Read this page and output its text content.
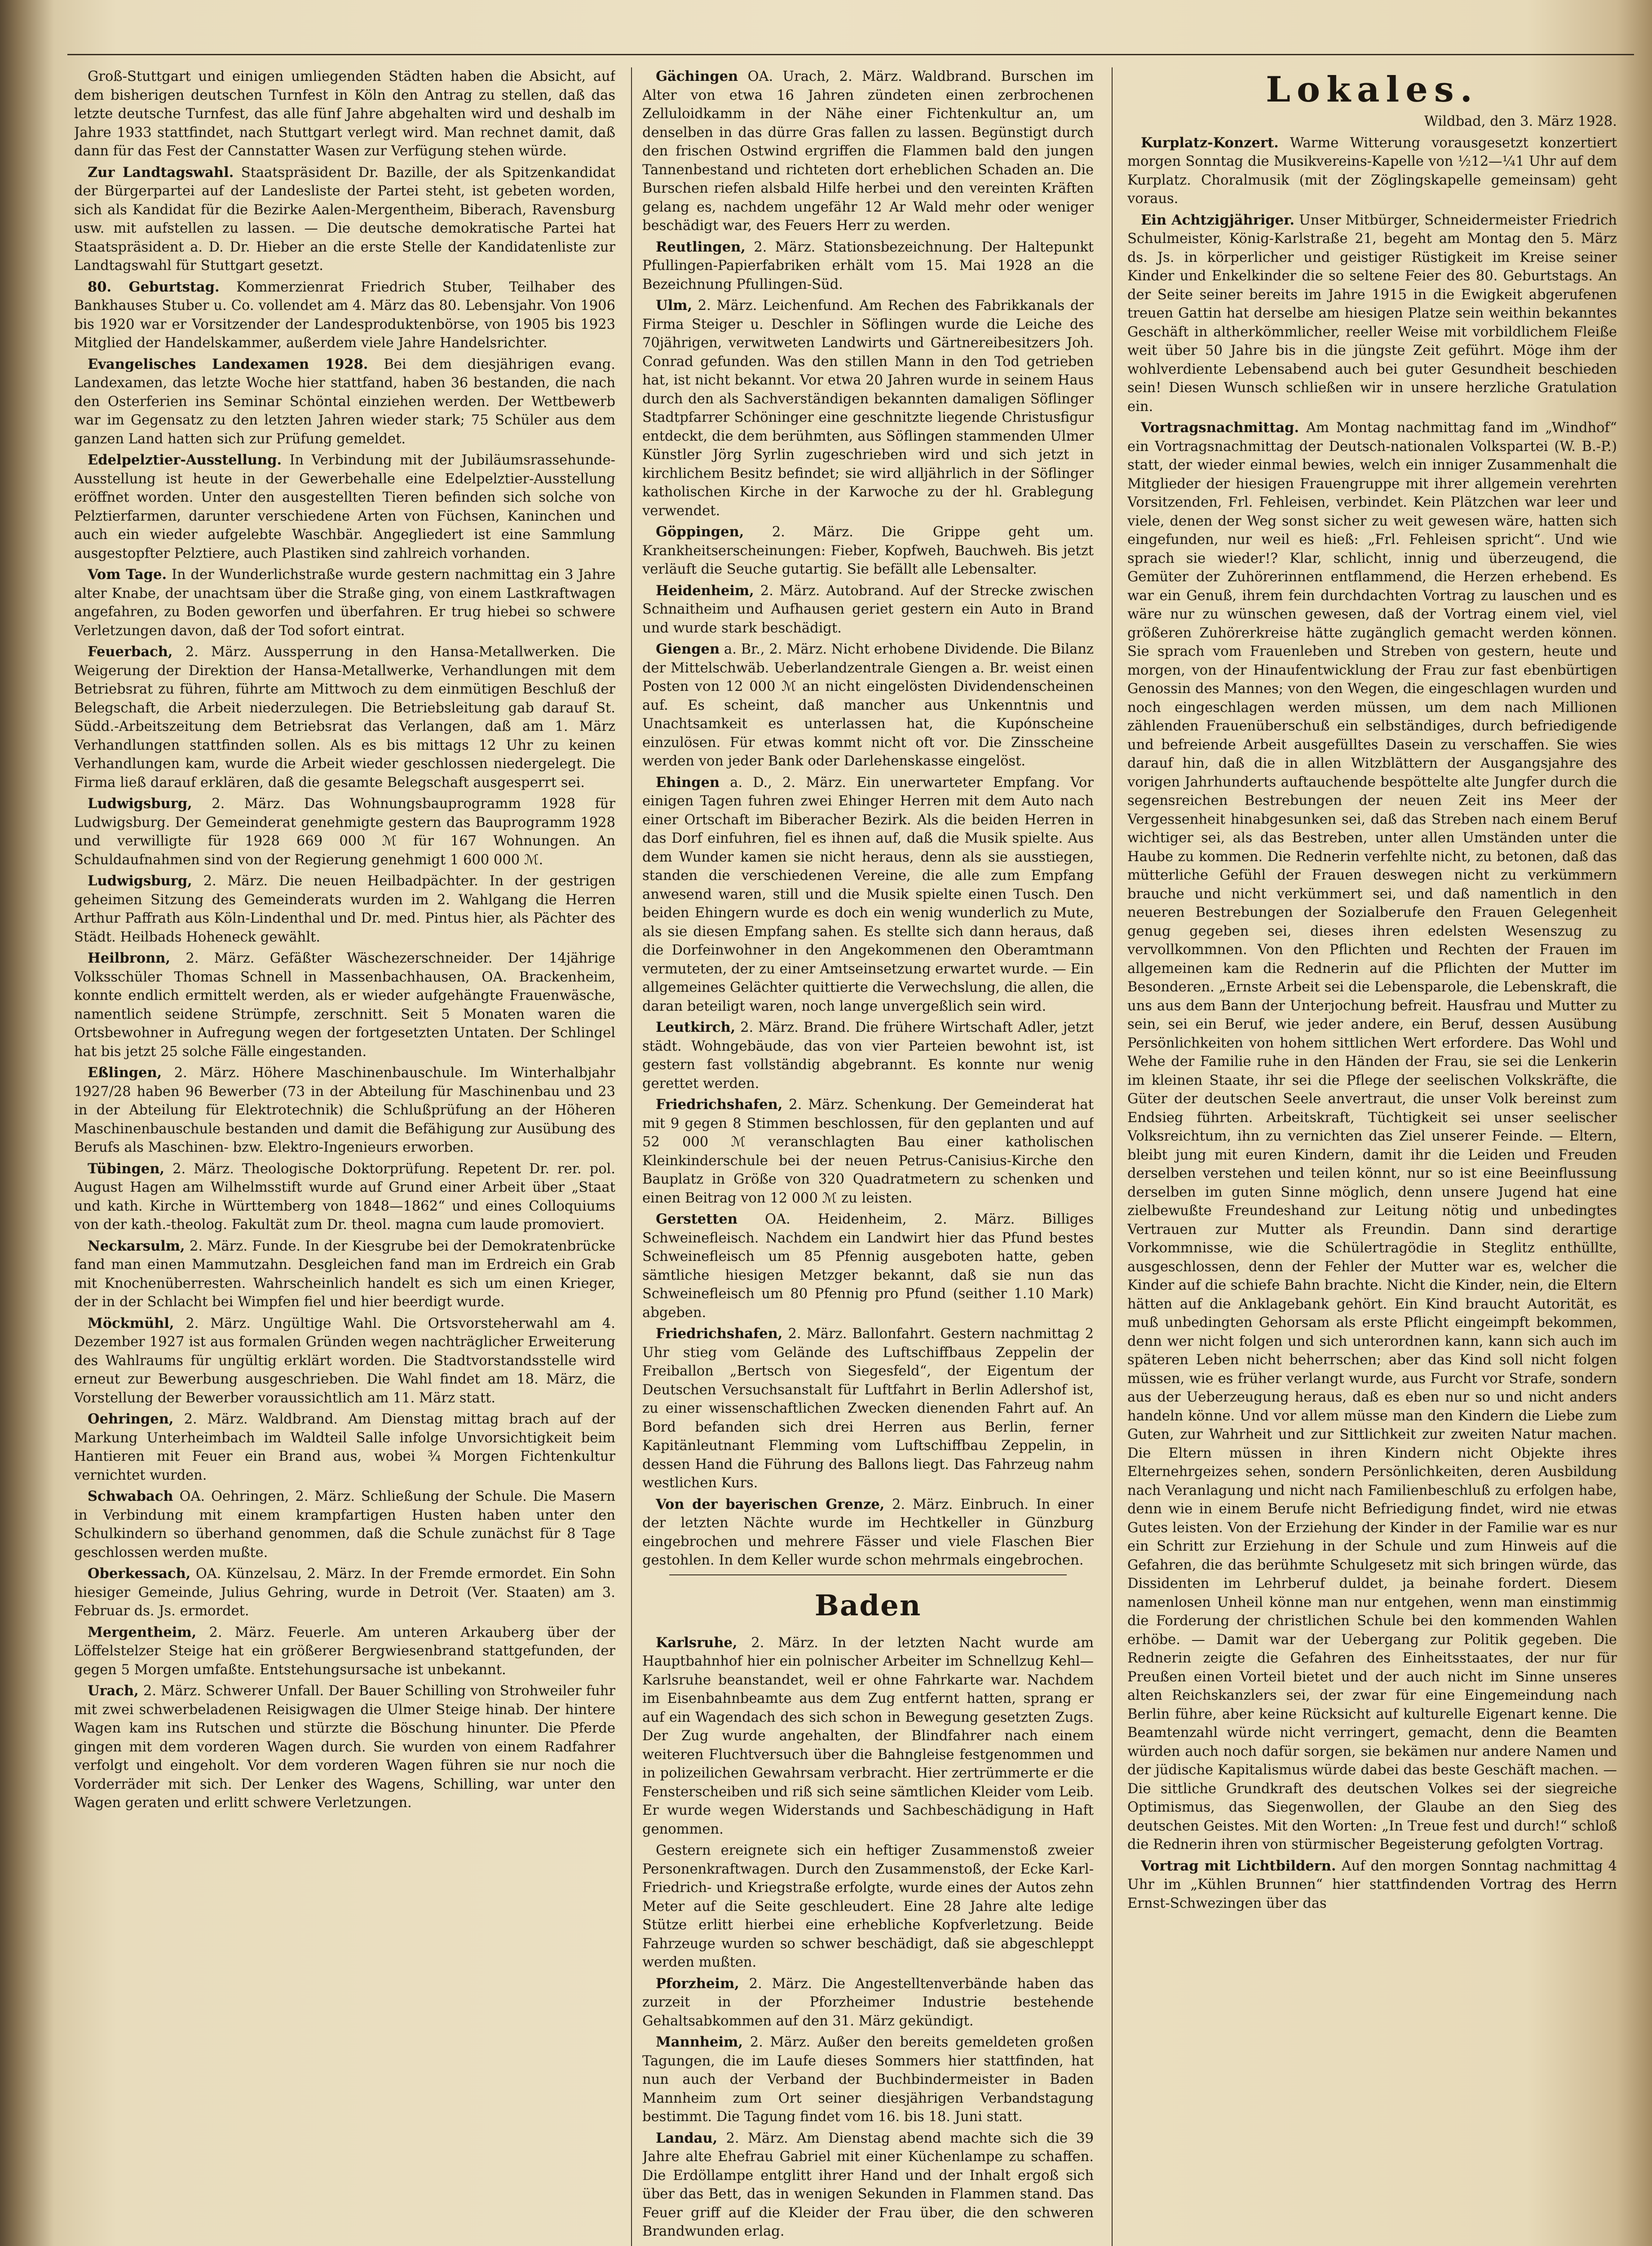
Groß-Stuttgart und einigen umliegenden Städten haben die Absicht, auf dem bisherigen deutschen Turnfest in Köln den Antrag zu stellen, daß das letzte deutsche Turnfest, das alle fünf Jahre abgehalten wird und deshalb im Jahre 1933 stattfindet, nach Stuttgart verlegt wird. Man rechnet damit, daß dann für das Fest der Cannstatter Wasen zur Verfügung stehen würde.

Zur Landtagswahl. Staatspräsident Dr. Bazille, der als Spitzenkandidat der Bürgerpartei auf der Landesliste der Partei steht, ist gebeten worden, sich als Kandidat für die Bezirke Aalen-Mergentheim, Biberach, Ravensburg usw. mit aufstellen zu lassen. — Die deutsche demokratische Partei hat Staatspräsident a. D. Dr. Hieber an die erste Stelle der Kandidatenliste zur Landtagswahl für Stuttgart gesetzt.

80. Geburtstag. Kommerzienrat Friedrich Stuber, Teilhaber des Bankhauses Stuber u. Co. vollendet am 4. März das 80. Lebensjahr. Von 1906 bis 1920 war er Vorsitzender der Landesproduktenbörse, von 1905 bis 1923 Mitglied der Handelskammer, außerdem viele Jahre Handelsrichter.

Evangelisches Landexamen 1928. Bei dem diesjährigen evang. Landexamen, das letzte Woche hier stattfand, haben 36 bestanden, die nach den Osterferien ins Seminar Schöntal einziehen werden. Der Wettbewerb war im Gegensatz zu den letzten Jahren wieder stark; 75 Schüler aus dem ganzen Land hatten sich zur Prüfung gemeldet.

Edelpelztier-Ausstellung. In Verbindung mit der Jubiläumsrassehunde-Ausstellung ist heute in der Gewerbehalle eine Edelpelztier-Ausstellung eröffnet worden. Unter den ausgestellten Tieren befinden sich solche von Pelztierfarmen, darunter verschiedene Arten von Füchsen, Kaninchen und auch ein wieder aufgelebte Waschbär. Angegliedert ist eine Sammlung ausgestopfter Pelztiere, auch Plastiken sind zahlreich vorhanden.

Vom Tage. In der Wunderlichstraße wurde gestern nachmittag ein 3 Jahre alter Knabe, der unachtsam über die Straße ging, von einem Lastkraftwagen angefahren, zu Boden geworfen und überfahren. Er trug hiebei so schwere Verletzungen davon, daß der Tod sofort eintrat.

Feuerbach, 2. März. Aussperrung in den Hansa-Metallwerken. Die Weigerung der Direktion der Hansa-Metallwerke, Verhandlungen mit dem Betriebsrat zu führen, führte am Mittwoch zu dem einmütigen Beschluß der Belegschaft, die Arbeit niederzulegen. Die Betriebsleitung gab darauf St. Südd.-Arbeitszeitung dem Betriebsrat das Verlangen, daß am 1. März Verhandlungen stattfinden sollen. Als es bis mittags 12 Uhr zu keinen Verhandlungen kam, wurde die Arbeit wieder geschlossen niedergelegt. Die Firma ließ darauf erklären, daß die gesamte Belegschaft ausgesperrt sei.

Ludwigsburg, 2. März. Das Wohnungsbauprogramm 1928 für Ludwigsburg. Der Gemeinderat genehmigte gestern das Bauprogramm 1928 und verwilligte für 1928 669 000 ℳ für 167 Wohnungen. An Schuldaufnahmen sind von der Regierung genehmigt 1 600 000 ℳ.

Ludwigsburg, 2. März. Die neuen Heilbadpächter. In der gestrigen geheimen Sitzung des Gemeinderats wurden im 2. Wahlgang die Herren Arthur Paffrath aus Köln-Lindenthal und Dr. med. Pintus hier, als Pächter des Städt. Heilbads Hoheneck gewählt.

Heilbronn, 2. März. Gefäßter Wäschezerschneider. Der 14jährige Volksschüler Thomas Schnell in Massenbachhausen, OA. Brackenheim, konnte endlich ermittelt werden, als er wieder aufgehängte Frauenwäsche, namentlich seidene Strümpfe, zerschnitt. Seit 5 Monaten waren die Ortsbewohner in Aufregung wegen der fortgesetzten Untaten. Der Schlingel hat bis jetzt 25 solche Fälle eingestanden.

Eßlingen, 2. März. Höhere Maschinenbauschule. Im Winterhalbjahr 1927/28 haben 96 Bewerber (73 in der Abteilung für Maschinenbau und 23 in der Abteilung für Elektrotechnik) die Schlußprüfung an der Höheren Maschinenbauschule bestanden und damit die Befähigung zur Ausübung des Berufs als Maschinen- bzw. Elektro-Ingenieurs erworben.

Tübingen, 2. März. Theologische Doktorprüfung. Repetent Dr. rer. pol. August Hagen am Wilhelmsstift wurde auf Grund einer Arbeit über „Staat und kath. Kirche in Württemberg von 1848—1862“ und eines Colloquiums von der kath.-theolog. Fakultät zum Dr. theol. magna cum laude promoviert.

Neckarsulm, 2. März. Funde. In der Kiesgrube bei der Demokratenbrücke fand man einen Mammutzahn. Desgleichen fand man im Erdreich ein Grab mit Knochenüberresten. Wahrscheinlich handelt es sich um einen Krieger, der in der Schlacht bei Wimpfen fiel und hier beerdigt wurde.

Möckmühl, 2. März. Ungültige Wahl. Die Ortsvorsteherwahl am 4. Dezember 1927 ist aus formalen Gründen wegen nachträglicher Erweiterung des Wahlraums für ungültig erklärt worden. Die Stadtvorstandsstelle wird erneut zur Bewerbung ausgeschrieben. Die Wahl findet am 18. März, die Vorstellung der Bewerber voraussichtlich am 11. März statt.

Oehringen, 2. März. Waldbrand. Am Dienstag mittag brach auf der Markung Unterheimbach im Waldteil Salle infolge Unvorsichtigkeit beim Hantieren mit Feuer ein Brand aus, wobei ¾ Morgen Fichtenkultur vernichtet wurden.

Schwabach OA. Oehringen, 2. März. Schließung der Schule. Die Masern in Verbindung mit einem krampfartigen Husten haben unter den Schulkindern so überhand genommen, daß die Schule zunächst für 8 Tage geschlossen werden mußte.

Oberkessach, OA. Künzelsau, 2. März. In der Fremde ermordet. Ein Sohn hiesiger Gemeinde, Julius Gehring, wurde in Detroit (Ver. Staaten) am 3. Februar ds. Js. ermordet.

Mergentheim, 2. März. Feuerle. Am unteren Arkauberg über der Löffelstelzer Steige hat ein größerer Bergwiesenbrand stattgefunden, der gegen 5 Morgen umfaßte. Entstehungsursache ist unbekannt.

Urach, 2. März. Schwerer Unfall. Der Bauer Schilling von Strohweiler fuhr mit zwei schwerbeladenen Reisigwagen die Ulmer Steige hinab. Der hintere Wagen kam ins Rutschen und stürzte die Böschung hinunter. Die Pferde gingen mit dem vorderen Wagen durch. Sie wurden von einem Radfahrer verfolgt und eingeholt. Vor dem vorderen Wagen führen sie nur noch die Vorderräder mit sich. Der Lenker des Wagens, Schilling, war unter den Wagen geraten und erlitt schwere Verletzungen.

Gächingen OA. Urach, 2. März. Waldbrand. Burschen im Alter von etwa 16 Jahren zündeten einen zerbrochenen Zelluloidkamm in der Nähe einer Fichtenkultur an, um denselben in das dürre Gras fallen zu lassen. Begünstigt durch den frischen Ostwind ergriffen die Flammen bald den jungen Tannenbestand und richteten dort erheblichen Schaden an. Die Burschen riefen alsbald Hilfe herbei und den vereinten Kräften gelang es, nachdem ungefähr 12 Ar Wald mehr oder weniger beschädigt war, des Feuers Herr zu werden.

Reutlingen, 2. März. Stationsbezeichnung. Der Haltepunkt Pfullingen-Papierfabriken erhält vom 15. Mai 1928 an die Bezeichnung Pfullingen-Süd.

Ulm, 2. März. Leichenfund. Am Rechen des Fabrikkanals der Firma Steiger u. Deschler in Söflingen wurde die Leiche des 70jährigen, verwitweten Landwirts und Gärtnereibesitzers Joh. Conrad gefunden. Was den stillen Mann in den Tod getrieben hat, ist nicht bekannt. Vor etwa 20 Jahren wurde in seinem Haus durch den als Sachverständigen bekannten damaligen Söflinger Stadtpfarrer Schöninger eine geschnitzte liegende Christusfigur entdeckt, die dem berühmten, aus Söflingen stammenden Ulmer Künstler Jörg Syrlin zugeschrieben wird und sich jetzt in kirchlichem Besitz befindet; sie wird alljährlich in der Söflinger katholischen Kirche in der Karwoche zu der hl. Grablegung verwendet.

Göppingen, 2. März. Die Grippe geht um. Krankheitserscheinungen: Fieber, Kopfweh, Bauchweh. Bis jetzt verläuft die Seuche gutartig. Sie befällt alle Lebensalter.

Heidenheim, 2. März. Autobrand. Auf der Strecke zwischen Schnaitheim und Aufhausen geriet gestern ein Auto in Brand und wurde stark beschädigt.

Giengen a. Br., 2. März. Nicht erhobene Dividende. Die Bilanz der Mittelschwäb. Ueberlandzentrale Giengen a. Br. weist einen Posten von 12 000 ℳ an nicht eingelösten Dividendenscheinen auf. Es scheint, daß mancher aus Unkenntnis und Unachtsamkeit es unterlassen hat, die Kupónscheine einzulösen. Für etwas kommt nicht oft vor. Die Zinsscheine werden von jeder Bank oder Darlehenskasse eingelöst.

Ehingen a. D., 2. März. Ein unerwarteter Empfang. Vor einigen Tagen fuhren zwei Ehinger Herren mit dem Auto nach einer Ortschaft im Biberacher Bezirk. Als die beiden Herren in das Dorf einfuhren, fiel es ihnen auf, daß die Musik spielte. Aus dem Wunder kamen sie nicht heraus, denn als sie ausstiegen, standen die verschiedenen Vereine, die alle zum Empfang anwesend waren, still und die Musik spielte einen Tusch. Den beiden Ehingern wurde es doch ein wenig wunderlich zu Mute, als sie diesen Empfang sahen. Es stellte sich dann heraus, daß die Dorfeinwohner in den Angekommenen den Oberamtmann vermuteten, der zu einer Amtseinsetzung erwartet wurde. — Ein allgemeines Gelächter quittierte die Verwechslung, die allen, die daran beteiligt waren, noch lange unvergeßlich sein wird.

Leutkirch, 2. März. Brand. Die frühere Wirtschaft Adler, jetzt städt. Wohngebäude, das von vier Parteien bewohnt ist, ist gestern fast vollständig abgebrannt. Es konnte nur wenig gerettet werden.

Friedrichshafen, 2. März. Schenkung. Der Gemeinderat hat mit 9 gegen 8 Stimmen beschlossen, für den geplanten und auf 52 000 ℳ veranschlagten Bau einer katholischen Kleinkinderschule bei der neuen Petrus-Canisius-Kirche den Bauplatz in Größe von 320 Quadratmetern zu schenken und einen Beitrag von 12 000 ℳ zu leisten.

Gerstetten OA. Heidenheim, 2. März. Billiges Schweinefleisch. Nachdem ein Landwirt hier das Pfund bestes Schweinefleisch um 85 Pfennig ausgeboten hatte, geben sämtliche hiesigen Metzger bekannt, daß sie nun das Schweinefleisch um 80 Pfennig pro Pfund (seither 1.10 Mark) abgeben.

Friedrichshafen, 2. März. Ballonfahrt. Gestern nachmittag 2 Uhr stieg vom Gelände des Luftschiffbaus Zeppelin der Freiballon „Bertsch von Siegesfeld“, der Eigentum der Deutschen Versuchsanstalt für Luftfahrt in Berlin Adlershof ist, zu einer wissenschaftlichen Zwecken dienenden Fahrt auf. An Bord befanden sich drei Herren aus Berlin, ferner Kapitänleutnant Flemming vom Luftschiffbau Zeppelin, in dessen Hand die Führung des Ballons liegt. Das Fahrzeug nahm westlichen Kurs.

Von der bayerischen Grenze, 2. März. Einbruch. In einer der letzten Nächte wurde im Hechtkeller in Günzburg eingebrochen und mehrere Fässer und viele Flaschen Bier gestohlen. In dem Keller wurde schon mehrmals eingebrochen.

Baden

Karlsruhe, 2. März. In der letzten Nacht wurde am Hauptbahnhof hier ein polnischer Arbeiter im Schnellzug Kehl—Karlsruhe beanstandet, weil er ohne Fahrkarte war. Nachdem im Eisenbahnbeamte aus dem Zug entfernt hatten, sprang er auf ein Wagendach des sich schon in Bewegung gesetzten Zugs. Der Zug wurde angehalten, der Blindfahrer nach einem weiteren Fluchtversuch über die Bahngleise festgenommen und in polizeilichen Gewahrsam verbracht. Hier zertrümmerte er die Fensterscheiben und riß sich seine sämtlichen Kleider vom Leib. Er wurde wegen Widerstands und Sachbeschädigung in Haft genommen.

Gestern ereignete sich ein heftiger Zusammenstoß zweier Personenkraftwagen. Durch den Zusammenstoß, der Ecke Karl-Friedrich- und Kriegstraße erfolgte, wurde eines der Autos zehn Meter auf die Seite geschleudert. Eine 28 Jahre alte ledige Stütze erlitt hierbei eine erhebliche Kopfverletzung. Beide Fahrzeuge wurden so schwer beschädigt, daß sie abgeschleppt werden mußten.

Pforzheim, 2. März. Die Angestelltenverbände haben das zurzeit in der Pforzheimer Industrie bestehende Gehaltsabkommen auf den 31. März gekündigt.

Mannheim, 2. März. Außer den bereits gemeldeten großen Tagungen, die im Laufe dieses Sommers hier stattfinden, hat nun auch der Verband der Buchbindermeister in Baden Mannheim zum Ort seiner diesjährigen Verbandstagung bestimmt. Die Tagung findet vom 16. bis 18. Juni statt.

Landau, 2. März. Am Dienstag abend machte sich die 39 Jahre alte Ehefrau Gabriel mit einer Küchenlampe zu schaffen. Die Erdöllampe entglitt ihrer Hand und der Inhalt ergoß sich über das Bett, das in wenigen Sekunden in Flammen stand. Das Feuer griff auf die Kleider der Frau über, die den schweren Brandwunden erlag.

Lokales.

Wildbad, den 3. März 1928.

Kurplatz-Konzert. Warme Witterung vorausgesetzt konzertiert morgen Sonntag die Musikvereins-Kapelle von ½12—¼1 Uhr auf dem Kurplatz. Choralmusik (mit der Zöglingskapelle gemeinsam) geht voraus.

Ein Achtzigjähriger. Unser Mitbürger, Schneidermeister Friedrich Schulmeister, König-Karlstraße 21, begeht am Montag den 5. März ds. Js. in körperlicher und geistiger Rüstigkeit im Kreise seiner Kinder und Enkelkinder die so seltene Feier des 80. Geburtstags. An der Seite seiner bereits im Jahre 1915 in die Ewigkeit abgerufenen treuen Gattin hat derselbe am hiesigen Platze sein weithin bekanntes Geschäft in altherkömmlicher, reeller Weise mit vorbildlichem Fleiße weit über 50 Jahre bis in die jüngste Zeit geführt. Möge ihm der wohlverdiente Lebensabend auch bei guter Gesundheit beschieden sein! Diesen Wunsch schließen wir in unsere herzliche Gratulation ein.

Vortragsnachmittag. Am Montag nachmittag fand im „Windhof“ ein Vortragsnachmittag der Deutsch-nationalen Volkspartei (W. B.-P.) statt, der wieder einmal bewies, welch ein inniger Zusammenhalt die Mitglieder der hiesigen Frauengruppe mit ihrer allgemein verehrten Vorsitzenden, Frl. Fehleisen, verbindet. Kein Plätzchen war leer und viele, denen der Weg sonst sicher zu weit gewesen wäre, hatten sich eingefunden, nur weil es hieß: „Frl. Fehleisen spricht“. Und wie sprach sie wieder!? Klar, schlicht, innig und überzeugend, die Gemüter der Zuhörerinnen entflammend, die Herzen erhebend. Es war ein Genuß, ihrem fein durchdachten Vortrag zu lauschen und es wäre nur zu wünschen gewesen, daß der Vortrag einem viel, viel größeren Zuhörerkreise hätte zugänglich gemacht werden können. Sie sprach vom Frauenleben und Streben von gestern, heute und morgen, von der Hinaufentwicklung der Frau zur fast ebenbürtigen Genossin des Mannes; von den Wegen, die eingeschlagen wurden und noch eingeschlagen werden müssen, um dem nach Millionen zählenden Frauenüberschuß ein selbständiges, durch befriedigende und befreiende Arbeit ausgefülltes Dasein zu verschaffen. Sie wies darauf hin, daß die in allen Witzblättern der Ausgangsjahre des vorigen Jahrhunderts auftauchende bespöttelte alte Jungfer durch die segensreichen Bestrebungen der neuen Zeit ins Meer der Vergessenheit hinabgesunken sei, daß das Streben nach einem Beruf wichtiger sei, als das Bestreben, unter allen Umständen unter die Haube zu kommen. Die Rednerin verfehlte nicht, zu betonen, daß das mütterliche Gefühl der Frauen deswegen nicht zu verkümmern brauche und nicht verkümmert sei, und daß namentlich in den neueren Bestrebungen der Sozialberufe den Frauen Gelegenheit genug gegeben sei, dieses ihren edelsten Wesenszug zu vervollkommnen. Von den Pflichten und Rechten der Frauen im allgemeinen kam die Rednerin auf die Pflichten der Mutter im Besonderen. „Ernste Arbeit sei die Lebensparole, die Lebenskraft, die uns aus dem Bann der Unterjochung befreit. Hausfrau und Mutter zu sein, sei ein Beruf, wie jeder andere, ein Beruf, dessen Ausübung Persönlichkeiten von hohem sittlichen Wert erfordere. Das Wohl und Wehe der Familie ruhe in den Händen der Frau, sie sei die Lenkerin im kleinen Staate, ihr sei die Pflege der seelischen Volkskräfte, die Güter der deutschen Seele anvertraut, die unser Volk bereinst zum Endsieg führten. Arbeitskraft, Tüchtigkeit sei unser seelischer Volksreichtum, ihn zu vernichten das Ziel unserer Feinde. — Eltern, bleibt jung mit euren Kindern, damit ihr die Leiden und Freuden derselben verstehen und teilen könnt, nur so ist eine Beeinflussung derselben im guten Sinne möglich, denn unsere Jugend hat eine zielbewußte Freundeshand zur Leitung nötig und unbedingtes Vertrauen zur Mutter als Freundin. Dann sind derartige Vorkommnisse, wie die Schülertragödie in Steglitz enthüllte, ausgeschlossen, denn der Fehler der Mutter war es, welcher die Kinder auf die schiefe Bahn brachte. Nicht die Kinder, nein, die Eltern hätten auf die Anklagebank gehört. Ein Kind braucht Autorität, es muß unbedingten Gehorsam als erste Pflicht eingeimpft bekommen, denn wer nicht folgen und sich unterordnen kann, kann sich auch im späteren Leben nicht beherrschen; aber das Kind soll nicht folgen müssen, wie es früher verlangt wurde, aus Furcht vor Strafe, sondern aus der Ueberzeugung heraus, daß es eben nur so und nicht anders handeln könne. Und vor allem müsse man den Kindern die Liebe zum Guten, zur Wahrheit und zur Sittlichkeit zur zweiten Natur machen. Die Eltern müssen in ihren Kindern nicht Objekte ihres Elternehrgeizes sehen, sondern Persönlichkeiten, deren Ausbildung nach Veranlagung und nicht nach Familienbeschluß zu erfolgen habe, denn wie in einem Berufe nicht Befriedigung findet, wird nie etwas Gutes leisten. Von der Erziehung der Kinder in der Familie war es nur ein Schritt zur Erziehung in der Schule und zum Hinweis auf die Gefahren, die das berühmte Schulgesetz mit sich bringen würde, das Dissidenten im Lehrberuf duldet, ja beinahe fordert. Diesem namenlosen Unheil könne man nur entgehen, wenn man einstimmig die Forderung der christlichen Schule bei den kommenden Wahlen erhöbe. — Damit war der Uebergang zur Politik gegeben. Die Rednerin zeigte die Gefahren des Einheitsstaates, der nur für Preußen einen Vorteil bietet und der auch nicht im Sinne unseres alten Reichskanzlers sei, der zwar für eine Eingemeindung nach Berlin führe, aber keine Rücksicht auf kulturelle Eigenart kenne. Die Beamtenzahl würde nicht verringert, gemacht, denn die Beamten würden auch noch dafür sorgen, sie bekämen nur andere Namen und der jüdische Kapitalismus würde dabei das beste Geschäft machen. — Die sittliche Grundkraft des deutschen Volkes sei der siegreiche Optimismus, das Siegenwollen, der Glaube an den Sieg des deutschen Geistes. Mit den Worten: „In Treue fest und durch!“ schloß die Rednerin ihren von stürmischer Begeisterung gefolgten Vortrag.

Vortrag mit Lichtbildern. Auf den morgen Sonntag nachmittag 4 Uhr im „Kühlen Brunnen“ hier stattfindenden Vortrag des Herrn Ernst-Schwezingen über das
